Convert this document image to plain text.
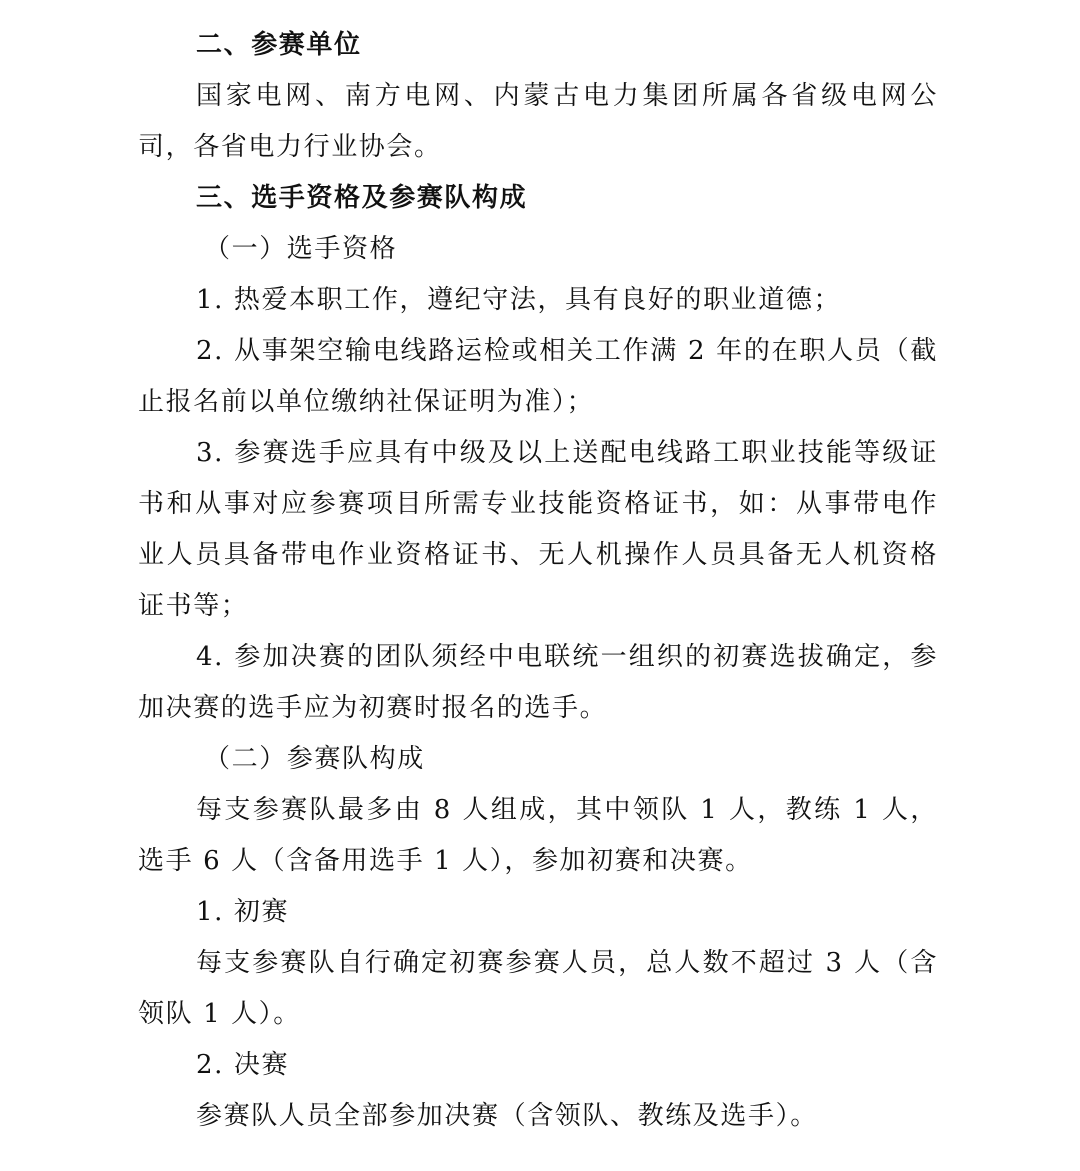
二、参赛单位
国家电网、南方电网、内蒙古电力集团所属各省级电网公司，各省电力行业协会。
三、选手资格及参赛队构成
（一）选手资格
1. 热爱本职工作，遵纪守法，具有良好的职业道德；
2. 从事架空输电线路运检或相关工作满 2 年的在职人员（截止报名前以单位缴纳社保证明为准）；
3. 参赛选手应具有中级及以上送配电线路工职业技能等级证书和从事对应参赛项目所需专业技能资格证书，如：从事带电作业人员具备带电作业资格证书、无人机操作人员具备无人机资格证书等；
4. 参加决赛的团队须经中电联统一组织的初赛选拔确定，参加决赛的选手应为初赛时报名的选手。
（二）参赛队构成
每支参赛队最多由 8 人组成，其中领队 1 人，教练 1 人，选手 6 人（含备用选手 1 人），参加初赛和决赛。
1. 初赛
每支参赛队自行确定初赛参赛人员，总人数不超过 3 人（含领队 1 人）。
2. 决赛
参赛队人员全部参加决赛（含领队、教练及选手）。
